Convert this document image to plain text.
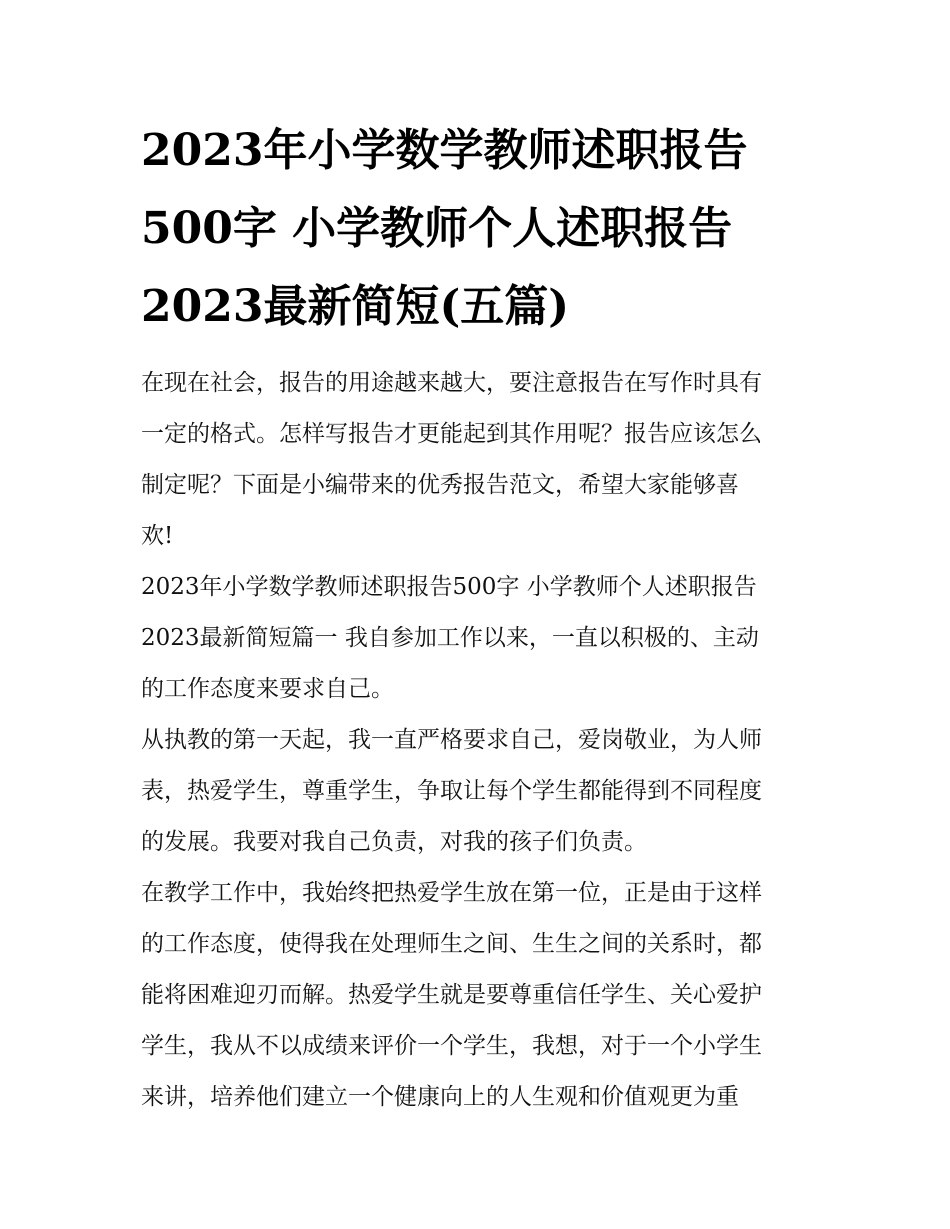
2023年小学数学教师述职报告
500字 小学教师个人述职报告
2023最新简短(五篇)

在现在社会，报告的用途越来越大，要注意报告在写作时具有
一定的格式。怎样写报告才更能起到其作用呢？报告应该怎么
制定呢？下面是小编带来的优秀报告范文，希望大家能够喜
欢!

2023年小学数学教师述职报告500字 小学教师个人述职报告
2023最新简短篇一 我自参加工作以来，一直以积极的、主动
的工作态度来要求自己。

从执教的第一天起，我一直严格要求自己，爱岗敬业，为人师
表，热爱学生，尊重学生，争取让每个学生都能得到不同程度
的发展。我要对我自己负责，对我的孩子们负责。

在教学工作中，我始终把热爱学生放在第一位，正是由于这样
的工作态度，使得我在处理师生之间、生生之间的关系时，都
能将困难迎刃而解。热爱学生就是要尊重信任学生、关心爱护
学生，我从不以成绩来评价一个学生，我想，对于一个小学生
来讲，培养他们建立一个健康向上的人生观和价值观更为重
